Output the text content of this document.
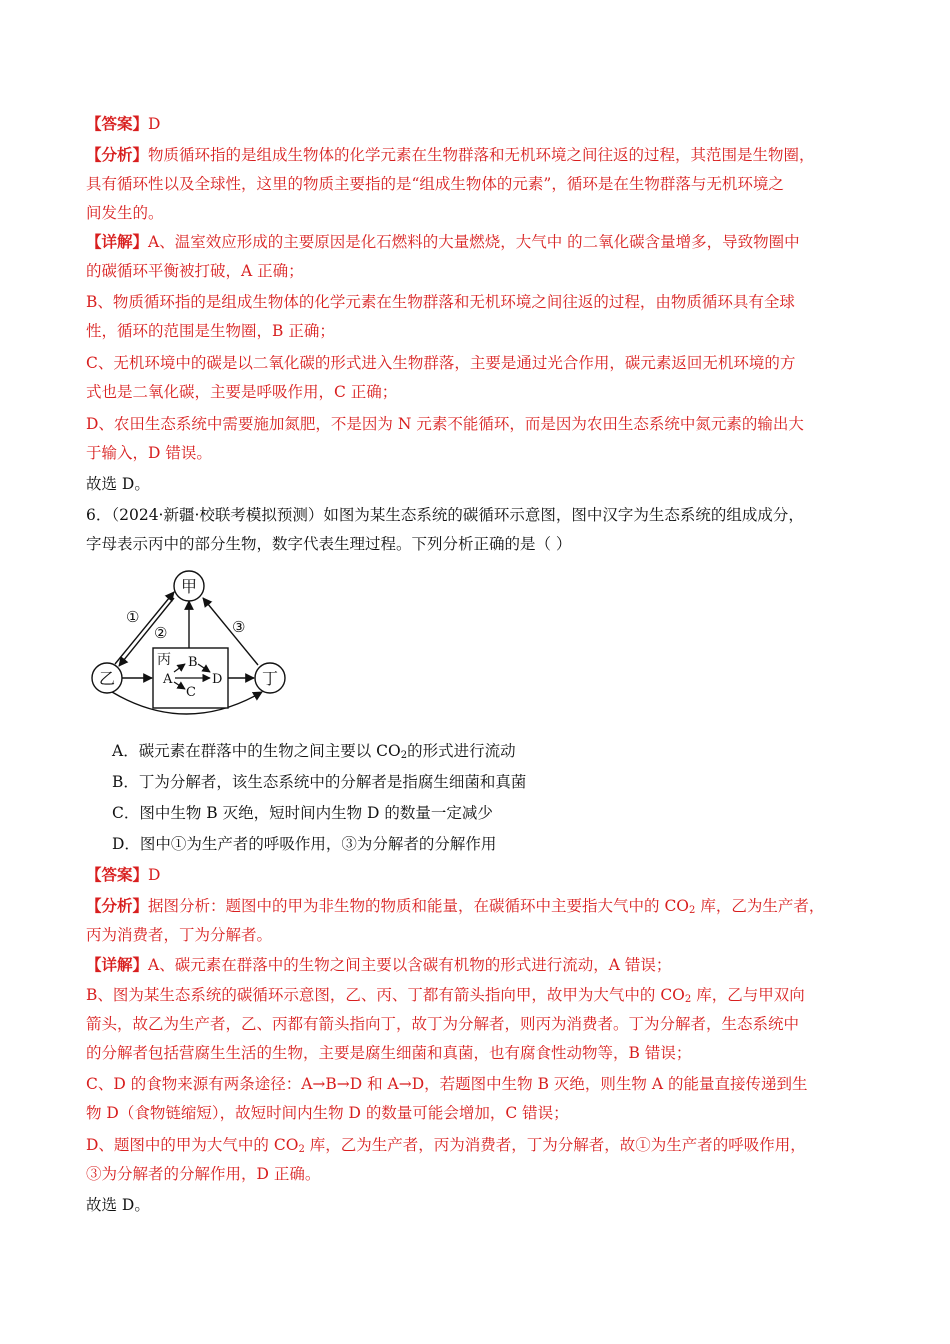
【答案】D
【分析】物质循环指的是组成生物体的化学元素在生物群落和无机环境之间往返的过程，其范围是生物圈，
具有循环性以及全球性，这里的物质主要指的是“组成生物体的元素”，循环是在生物群落与无机环境之
间发生的。
【详解】A、温室效应形成的主要原因是化石燃料的大量燃烧，大气中 的二氧化碳含量增多，导致物圈中
的碳循环平衡被打破，A 正确；
B、物质循环指的是组成生物体的化学元素在生物群落和无机环境之间往返的过程，由物质循环具有全球
性，循环的范围是生物圈，B 正确；
C、无机环境中的碳是以二氧化碳的形式进入生物群落，主要是通过光合作用，碳元素返回无机环境的方
式也是二氧化碳，主要是呼吸作用，C 正确；
D、农田生态系统中需要施加氮肥，不是因为 N 元素不能循环，而是因为农田生态系统中氮元素的输出大
于输入，D 错误。
故选 D。
6．（2024·新疆·校联考模拟预测）如图为某生态系统的碳循环示意图，图中汉字为生态系统的组成成分，
字母表示丙中的部分生物，数字代表生理过程。下列分析正确的是（ ）
甲
乙	丁
丙
A
B
C
D
①
②	③
A．碳元素在群落中的生物之间主要以 $CO_2$的形式进行流动
B．丁为分解者，该生态系统中的分解者是指腐生细菌和真菌
C．图中生物 B 灭绝，短时间内生物 D 的数量一定减少
D．图中①为生产者的呼吸作用，③为分解者的分解作用
【答案】D
【分析】据图分析：题图中的甲为非生物的物质和能量，在碳循环中主要指大气中的 $CO_2$ 库，乙为生产者，
丙为消费者，丁为分解者。
【详解】A、碳元素在群落中的生物之间主要以含碳有机物的形式进行流动，A 错误；
B、图为某生态系统的碳循环示意图，乙、丙、丁都有箭头指向甲，故甲为大气中的 $CO_2$ 库，乙与甲双向
箭头，故乙为生产者，乙、丙都有箭头指向丁，故丁为分解者，则丙为消费者。丁为分解者，生态系统中
的分解者包括营腐生生活的生物，主要是腐生细菌和真菌，也有腐食性动物等，B 错误；
C、D 的食物来源有两条途径：A→B→D 和 A→D，若题图中生物 B 灭绝，则生物 A 的能量直接传递到生
物 D（食物链缩短），故短时间内生物 D 的数量可能会增加，C 错误；
D、题图中的甲为大气中的 $CO_2$ 库，乙为生产者，丙为消费者，丁为分解者，故①为生产者的呼吸作用，
③为分解者的分解作用，D 正确。
故选 D。
